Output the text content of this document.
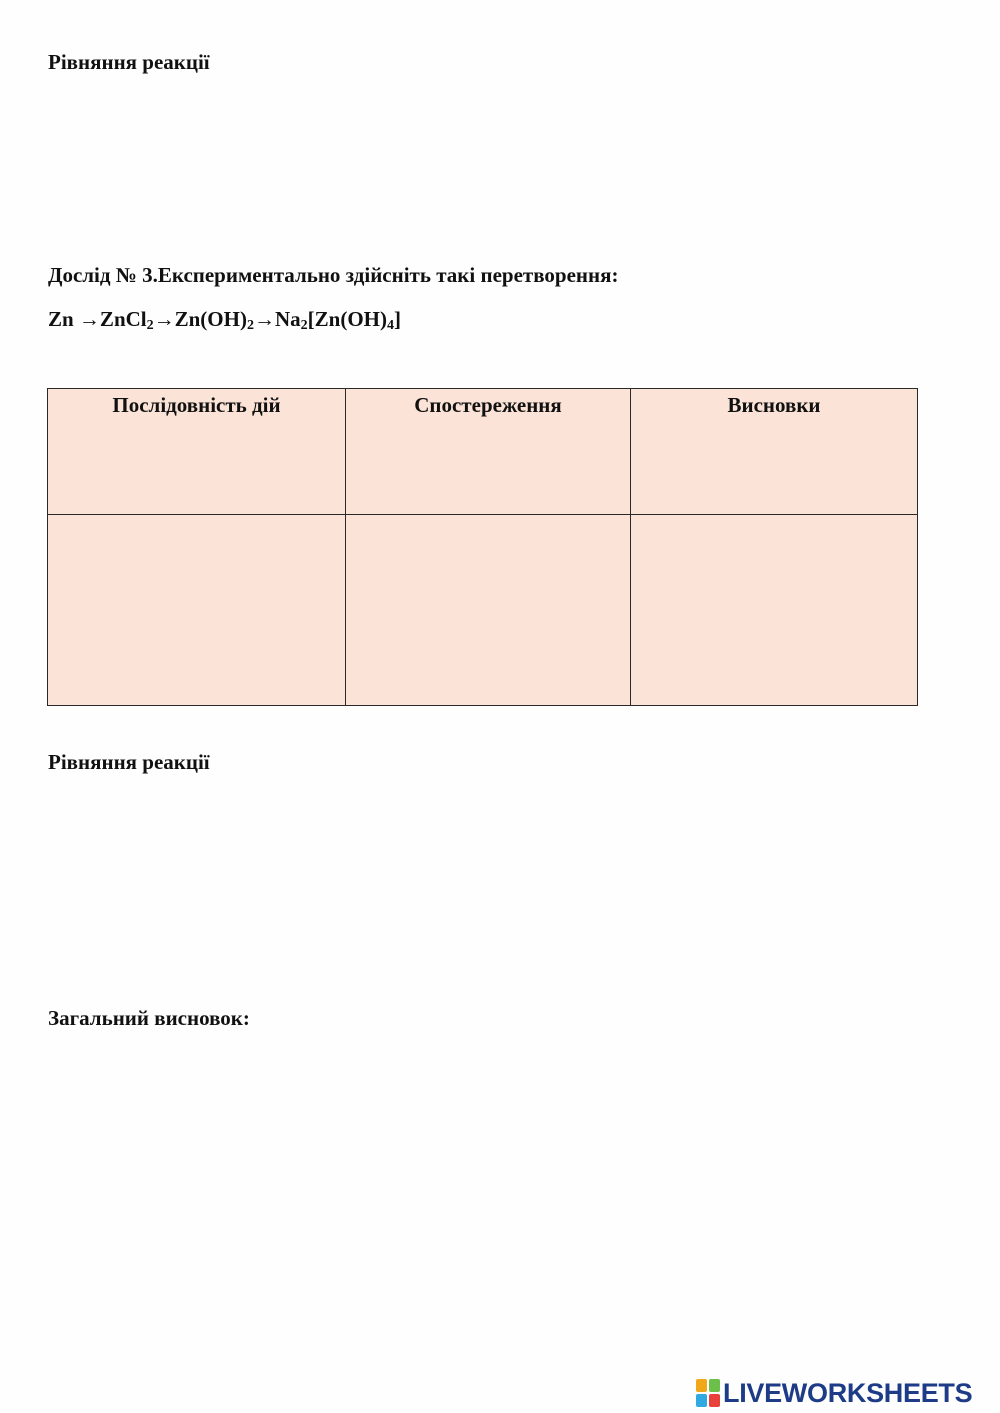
Рівняння реакції
Дослід № 3.Експериментально здійсніть такі перетворення:
$Zn \to ZnCl_2\to Zn(OH)_2\to Na_2[Zn(OH)_4]$
Послідовність дій	Спостереження	Висновки

Рівняння реакції
Загальний висновок:
LIVEWORKSHEETS
